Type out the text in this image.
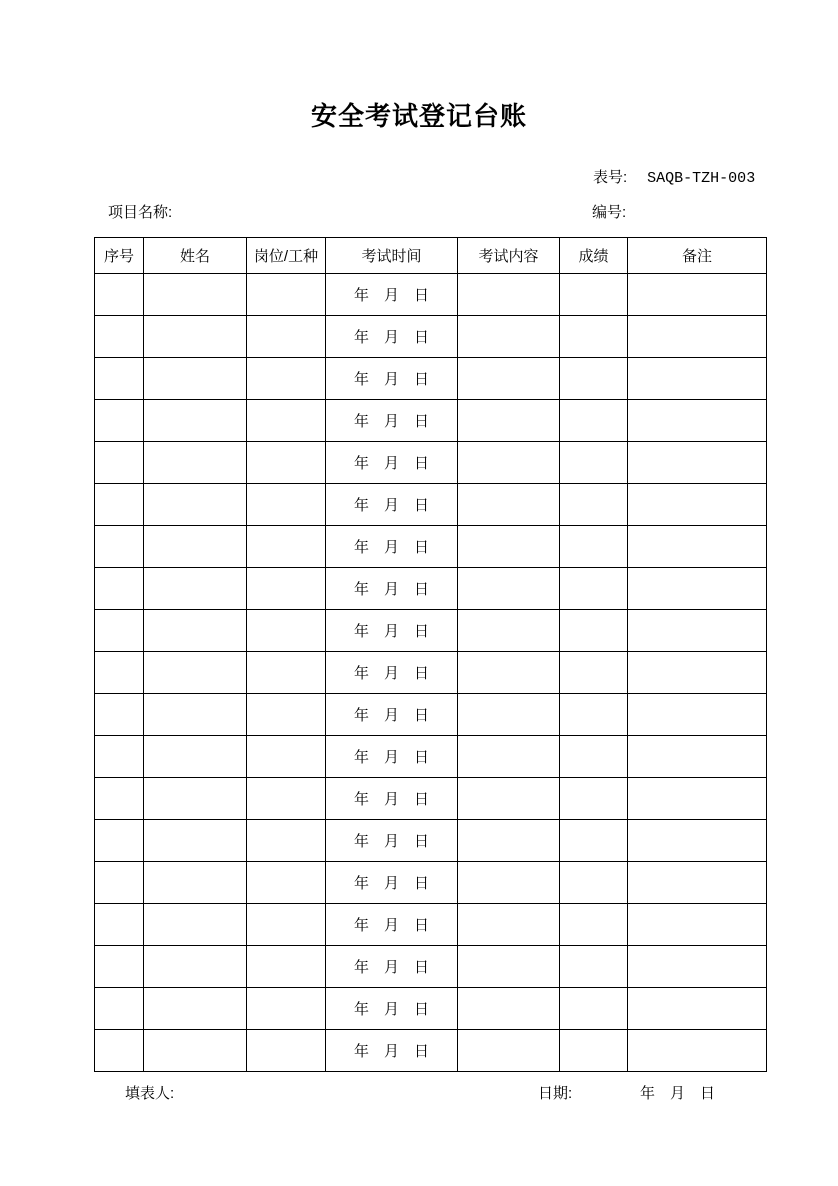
安全考试登记台账
表号: SAQB-TZH-003
项目名称:	编号:
序号	姓名	岗位/工种	考试时间	考试内容	成绩	备注
			年　月　日			
			年　月　日			
			年　月　日			
			年　月　日			
			年　月　日			
			年　月　日			
			年　月　日			
			年　月　日			
			年　月　日			
			年　月　日			
			年　月　日			
			年　月　日			
			年　月　日			
			年　月　日			
			年　月　日			
			年　月　日			
			年　月　日			
			年　月　日			
			年　月　日			
填表人:	日期:	年　月　日
